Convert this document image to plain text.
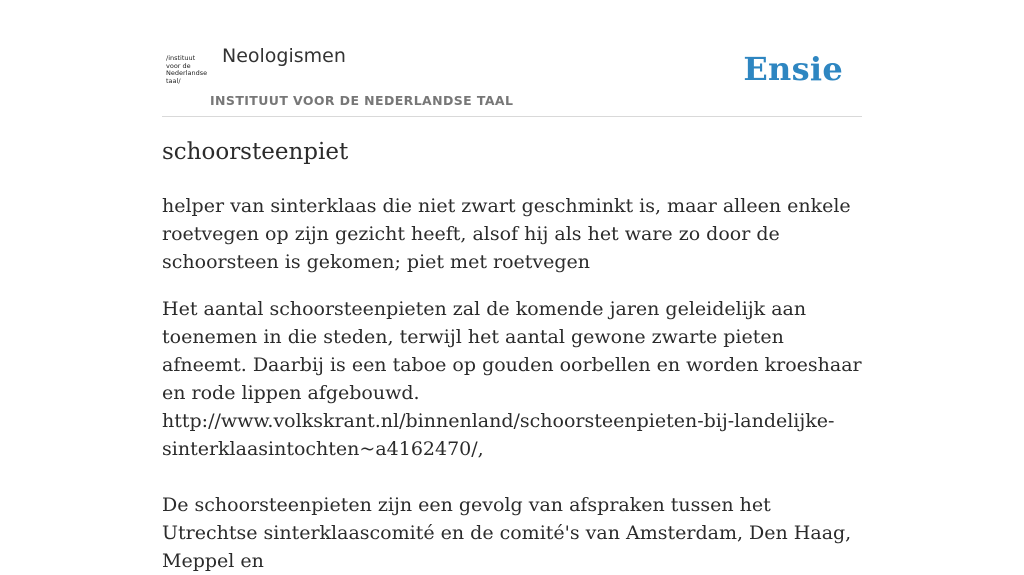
/instituut
voor de
Nederlandse
taal/
Neologismen
INSTITUUT VOOR DE NEDERLANDSE TAAL
Ensie
schoorsteenpiet

helper van sinterklaas die niet zwart geschminkt is, maar alleen enkele roetvegen op zijn gezicht heeft, alsof hij als het ware zo door de schoorsteen is gekomen; piet met roetvegen

Het aantal schoorsteenpieten zal de komende jaren geleidelijk aan toenemen in die steden, terwijl het aantal gewone zwarte pieten afneemt. Daarbij is een taboe op gouden oorbellen en worden kroeshaar en rode lippen afgebouwd.
http://www.volkskrant.nl/binnenland/schoorsteenpieten-bij-landelijke-sinterklaasintochten~a4162470/,
De schoorsteenpieten zijn een gevolg van afspraken tussen het Utrechtse sinterklaascomité en de comité's van Amsterdam, Den Haag, Meppel en
